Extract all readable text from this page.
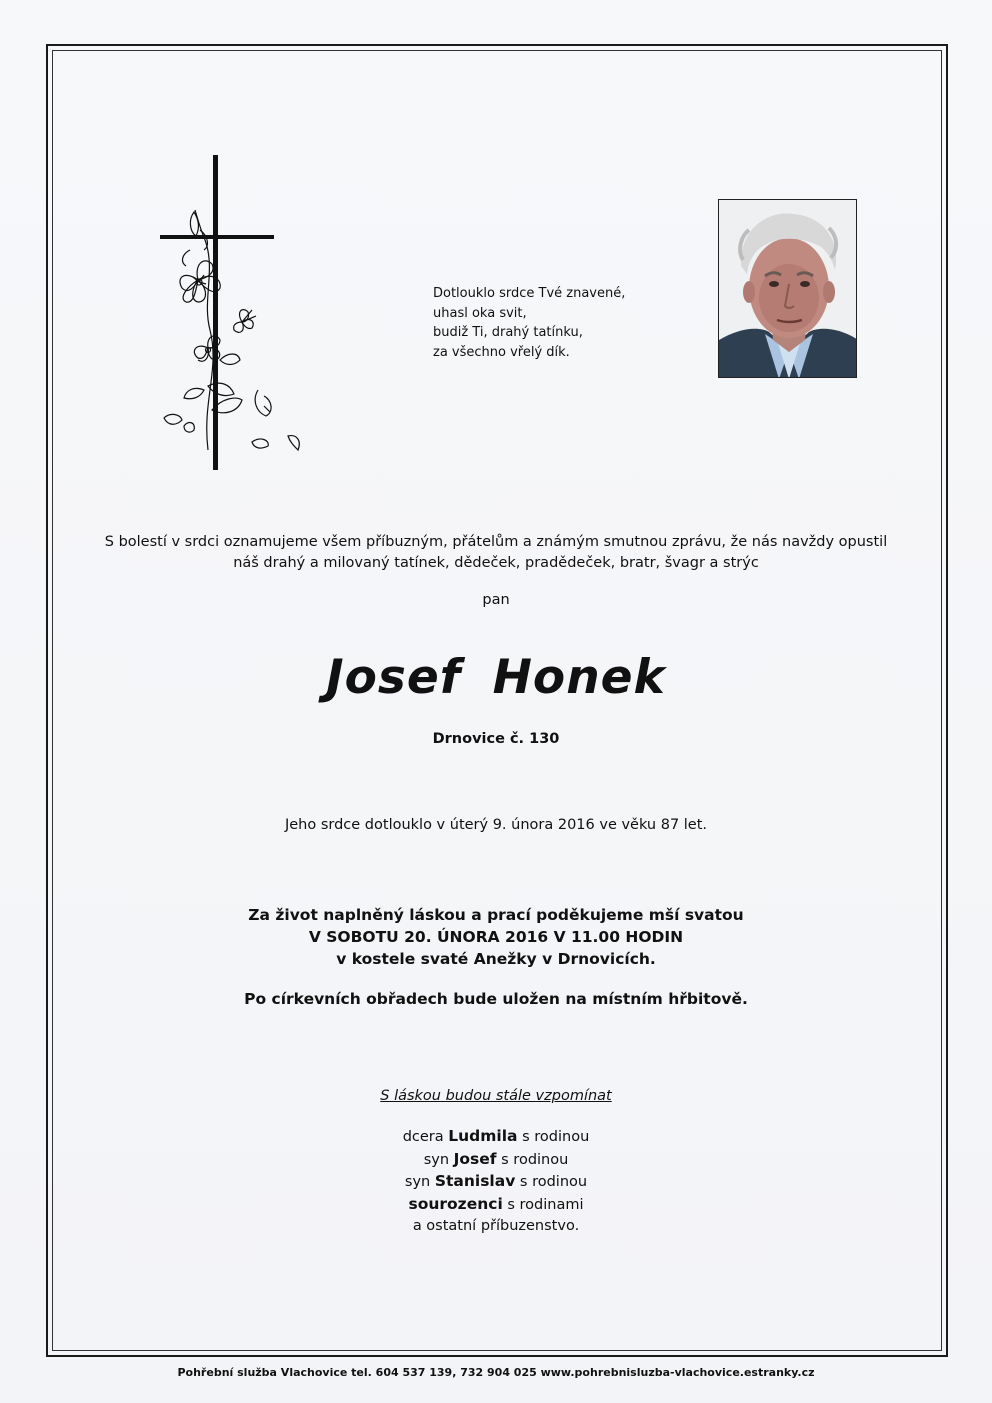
Dotlouklo srdce Tvé znavené,
uhasl oka svit,
budiž Ti, drahý tatínku,
za všechno vřelý dík.
S bolestí v srdci oznamujeme všem příbuzným, přátelům a známým smutnou zprávu, že nás navždy opustil
náš drahý a milovaný tatínek, dědeček, pradědeček, bratr, švagr a strýc
pan
Josef Honek
Drnovice č. 130
Jeho srdce dotlouklo v úterý 9. února 2016 ve věku 87 let.
Za život naplněný láskou a prací poděkujeme mší svatou
V SOBOTU 20. ÚNORA 2016 V 11.00 HODIN
v kostele svaté Anežky v Drnovicích.
Po církevních obřadech bude uložen na místním hřbitově.
S láskou budou stále vzpomínat
dcera Ludmila s rodinou
syn Josef s rodinou
syn Stanislav s rodinou
sourozenci s rodinami
a ostatní příbuzenstvo.
Pohřební služba Vlachovice tel. 604 537 139, 732 904 025 www.pohrebnisluzba-vlachovice.estranky.cz
